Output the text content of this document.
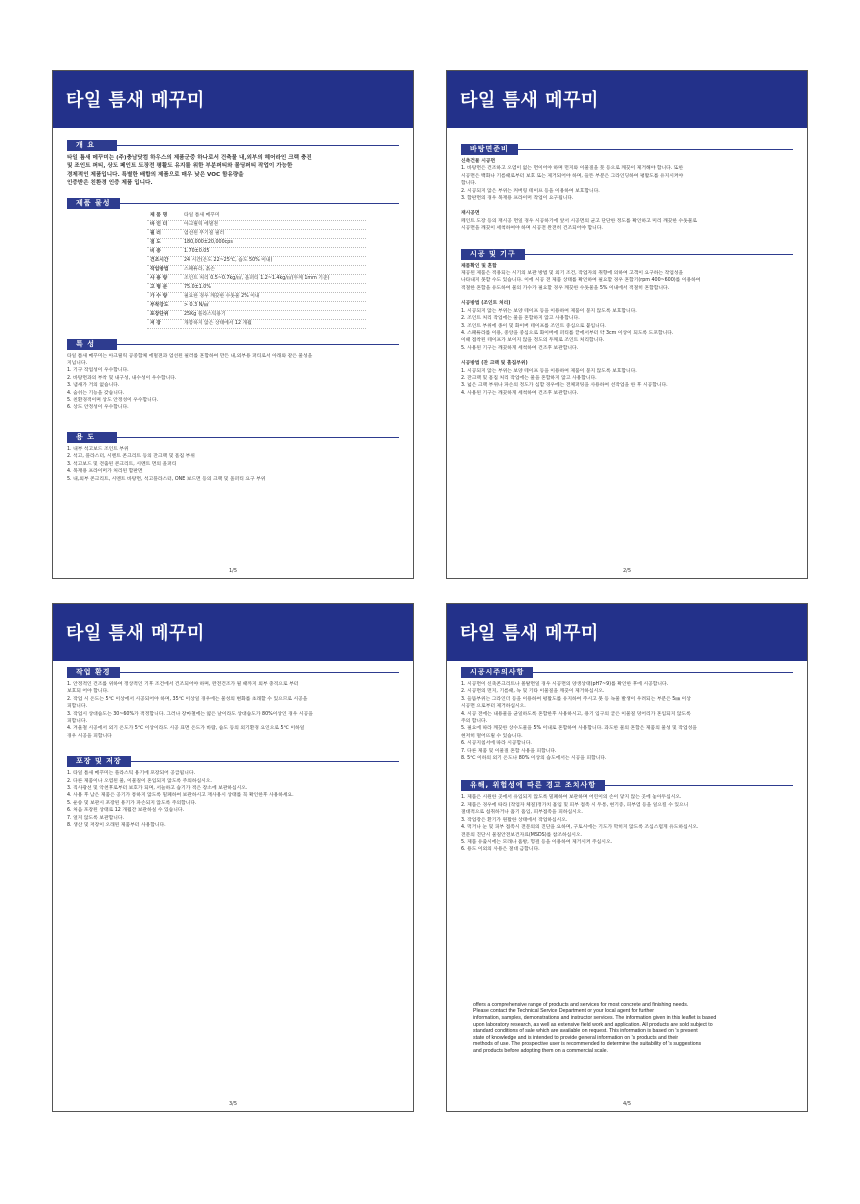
타일 틈새 메꾸미
개 요
타일 틈새 메꾸미는 (주)충남닷컴 하우스의 제품군중 하나로서 건축물 내,외부의 헤어라인 크랙 충진
및 조인트 퍼티, 상도 페인트 도장전 평활도 유지를 위한 부분퍼티와 몰딩퍼티 작업이 가능한
경제적인 제품입니다. 특별한 배합의 제품으로 매우 낮은 VOC 함유량을
인증받은 친환경 인증 제품 입니다.
제품 물성
제 품 명	타일 틈새 메꾸미
바 인 더	아크릴릭 에멀젼
필 러	엄선된 무기질 필러
점 도	180,000±20,000cps
비 중	1.70±0.05
건조시간	24 시간(온도 22~25℃, 습도 50% 이내)
작업방법	스패튜라, 흙손
사 용 량	조인트 처리 0.5~0.7kg/㎡, 올퍼티 1.2~1.4kg/㎡(두께 1mm 기준)
고 형 분	75.0±1.0%
가 수 량	필요한 경우 깨끗한 수돗물 2% 이내
부착강도	> 0.3 N/㎟
포장단위	25Kg 플라스틱용기
저 장	개봉하지 않은 상태에서 12 개월
특 성
타일 틈새 메꾸미는 아크릴릭 공중합체 에멀젼과 엄선된 필러를 혼합하여 만든 내,외부용 퍼티로서 아래와 같은 물성을
지닙니다.
1. 기구 작업성이 우수합니다.
2. 바탕면과의 부착 및 내구성, 내수성이 우수합니다.
3. 냄새가 거의 없습니다.
4. 숨쉬는 기능을 갖습니다.
5. 친환경적이며 상도 안정성이 우수합니다.
6. 상도 안정성이 우수합니다.
용 도
1. 내부 석고보드 조인트 부위
2. 석고, 플라스터, 시멘트 콘크리트 등의 잔크랙 및 흠집 부위
3. 석고보드 및 견출된 콘크리트, 시멘트 면의 올퍼티
4. 목재용 프라이머가 처리된 합판면
5. 내,외부 콘크리트, 시멘트 바탕면, 석고플라스터, ONE 보드면 등의 크랙 및 올퍼티 요구 부위
1/5
타일 틈새 메꾸미
바탕면준비
신축건물 시공면
1. 바탕면은 건조하고 오염이 없는 면이어야 하며 먼지와 이물질을 붓 등으로 깨끗이 제거해야 합니다. 또한
시공면은 백화나 기름때로부터 보호 또는 제거되어야 하며, 들뜬 부분은 그라인딩하여 평활도를 유지시켜야
합니다.
2. 시공되지 않은 부위는 커버링 테이프 등을 이용하여 보호합니다.
3. 합판면의 경우 목재용 프라이머 작업이 요구됩니다.
재시공면
페인트 도장 등의 재시공 면일 경우 시공하기에 앞서 시공면의 균고 단단한 정도를 확인하고 미리 깨끗한 수돗물로
시공면을 깨끗이 세척하여야 하며 시공전 완전히 건조되어야 합니다.
시공 및 기구
제품확인 및 혼합
제공된 제품은 적용되는 시기의 보관 방법 및 외기 조건, 작업자의 취향에 의하여 고객이 요구하는 작업성을
나타내지 못할 수도 있습니다. 이에 시공 전 제품 상태를 확인하여 필요할 경우 혼합기(rpm 400~600)를 이용하여
적절한 혼합을 유도하여 물의 가수가 필요할 경우 깨끗한 수돗물을 5% 이내에서 적절히 혼합합니다.
시공방법 (조인트 처리)
1. 시공되지 않는 부위는 보양 테이프 등을 이용하여 제품이 묻지 않도록 보호합니다.
2. 조인트 처리 작업에는 물을 혼합하지 않고 사용합니다.
3. 조인트 부위에 종이 및 화이버 테이프를 조인트 중심으로 붙입니다.
4. 스패튜라를 이용, 중앙을 중심으로 화이버에 퍼티를 끝에서부터 약 3cm 이상이 되도록 도포합니다.
이때 접착된 테이프가 보이지 않을 정도의 두께로 조인트 처리합니다.
5. 사용된 기구는 깨끗하게 세척하여 건조후 보관합니다.
시공방법 (잔 크랙 및 흠집부위)
1. 시공되지 않는 부위는 보양 테이프 등을 이용하여 제품이 묻지 않도록 보호합니다.
2. 잔크랙 및 흠집 처리 작업에는 물을 혼합하지 않고 사용합니다.
3. 넓은 크랙 부위나 파손의 정도가 심할 경우에는 전체퍼팅을 사용하여 선작업을 한 후 시공합니다.
4. 사용된 기구는 깨끗하게 세척하여 건조후 보관합니다.
2/5
타일 틈새 메꾸미
작업 환경
1. 안정적인 건조를 위하여 정상적인 기후 조건에서 건조되어야 하며, 완전건조가 될 때까지 외부 충격으로 부터
보호되 어야 합니다.
2. 작업 시 온도는 5℃ 이상에서 시공되어야 하며, 35℃ 이상일 경우에는 물성의 변화를 초래할 수 있으므로 시공을
피합니다.
3. 작업시 상대습도는 30~60%가 적정합니다. 그러나 장마철에는 얇은 날이라도 상대습도가 80%이상인 경우 시공을
피합니다.
4. 겨울철 시공에서 외기 온도가 5℃ 이상이라도 시공 표면 온도가 바람, 습도 등의 외기환경 요인으로 5℃ 이하일
경우 시공을 피합니다
포장 및 저장
1. 타일 틈새 메꾸미는 플라스틱 용기에 포장되어 공급됩니다.
2. 다른 제품이나 오염된 물, 이물질이 혼입되지 않도록 주의하십시오.
3. 직사광선 및 악천후로부터 보호가 되며, 서늘하고 습기가 적은 장소에 보관하십시오.
4. 사용 후 남은 제품은 공기가 통하지 않도록 밀폐하여 보관하시고 재사용시 상태를 꼭 확인한후 사용하세요.
5. 운송 및 보관시 포장된 용기가 파손되지 않도록 주의합니다.
6. 처음 포장된 상태로 12 개월간 보관하실 수 있습니다.
7. 얼지 않도록 보관합니다.
8. 생산 및 저장이 오래된 제품부터 사용합니다.
3/5
타일 틈새 메꾸미
시공시주의사항
1. 시공면이 신축콘크리트나 몰탈면일 경우 시공면의 양생상태(pH7~9)를 확인한 후에 시공합니다.
2. 시공면의 먼지, 기름때, 녹 및 기타 이물질을 깨끗이 제거하십시오.
3. 들뜸부위는 그라인더 등을 이용하여 평활도를 유지하여 주시고 못 등 녹물 발생이 우려되는 부분은 5㎜ 이상
시공면 으로부터 제거하십시오.
4. 시공 전에는 내용물을 균일하도록 혼합한후 사용하시고, 용기 입구의 굳은 이물질 덩어리가 혼입되지 않도록
주의 합니다.
5. 필요에 따라 깨끗한 상수도물을 5% 이내로 혼합하여 사용합니다. 과도한 물의 혼합은 제품의 물성 및 작업성을
현저히 떨어뜨릴 수 있습니다.
6. 시공지침서에 따라 시공합니다.
7. 다른 제품 및 이물질 혼합 사용을 피합니다.
8. 5℃ 이하의 외기 온도나 80% 이상의 습도에서는 시공을 피합니다.
유해, 위험성에 따른 경고 조치사항
1. 제품은 시원한 곳에서 유입되지 않도록 밀폐하여 보관하며 어린이의 손이 닿지 않는 곳에 놓아두십시오.
2. 제품은 경우에 따라 (작업자 체질)정가치 흡입 및 피부 접촉 시 두통, 현기증, 피부염 등을 일으킬 수 있으니
절대적으로 섭취하거나 흡기 흡입, 피부접촉을 피하십시오.
3. 작업장은 환기가 원활한 상태에서 작업하십시오.
4. 먹거나 눈 및 피부 접촉시 전문의의 진단을 요하며, 구토시에는 기도가 막히지 않도록 조심스럽게 유도하십시오.
전문의 진단시 물질안전보건자료(MSDS)를 참조하십시오.
5. 제품 유출시에는 모래나 흡방, 헝겊 등을 이용하여 제거시켜 주십시오.
6. 용도 이외의 사용은 절대 금합니다.
offers a comprehensive range of products and services for most concrete and finishing needs.
Please contact the Technical Service Department or your local agent for further
information, samples, demonstrations and instructor services. The information given in this leaflet is based
upon laboratory research, as well as extensive field work and application. All products are sold subject to
standard conditions of sale which are available on request. This information is based on 's present
state of knowledge and is intended to provide general information on 's products and their
methods of use. The prospective user is recommended to determine the suitability of 's suggestions
and products before adopting them on a commercial scale.
4/5
